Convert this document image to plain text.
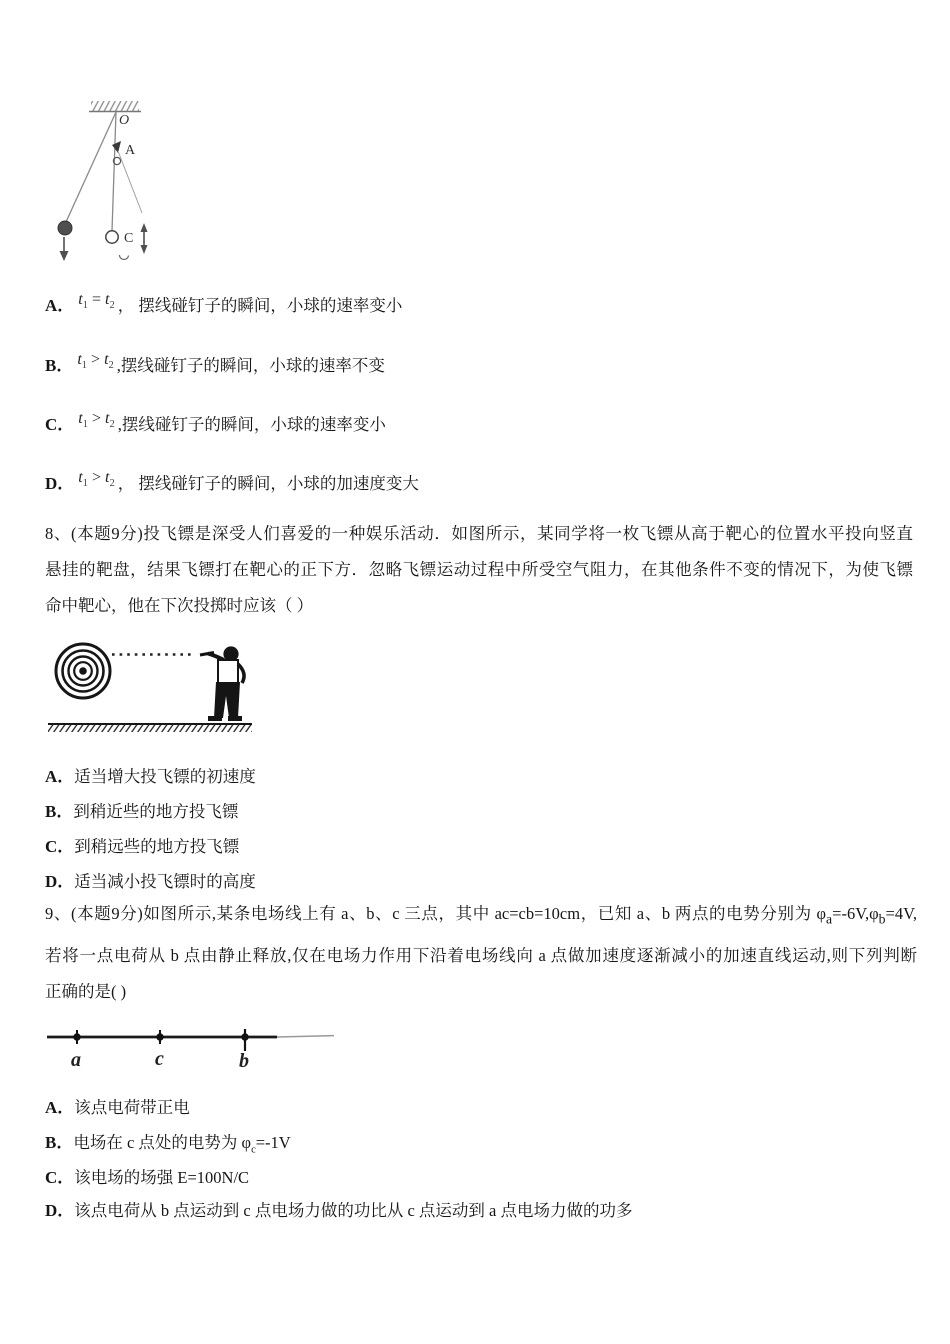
O
C
A
A． $t_1 = t_2$ ， 摆线碰钉子的瞬间，小球的速率变小
B． $t_1 > t_2$ ,摆线碰钉子的瞬间，小球的速率不变
C． $t_1 > t_2$ ,摆线碰钉子的瞬间，小球的速率变小
D． $t_1 > t_2$ ， 摆线碰钉子的瞬间，小球的加速度变大
8、(本题9分)投飞镖是深受人们喜爱的一种娱乐活动．如图所示，某同学将一枚飞镖从高于靶心的位置水平投向竖直
悬挂的靶盘，结果飞镖打在靶心的正下方．忽略飞镖运动过程中所受空气阻力，在其他条件不变的情况下，为使飞镖
命中靶心，他在下次投掷时应该（ ）
A．适当增大投飞镖的初速度
B．到稍近些的地方投飞镖
C．到稍远些的地方投飞镖
D．适当减小投飞镖时的高度
9、(本题9分)如图所示,某条电场线上有 a、b、c 三点，其中 ac=cb=10cm，已知 a、b 两点的电势分别为 $\varphi_a=-6V,\varphi_b=4V$,
若将一点电荷从 b 点由静止释放,仅在电场力作用下沿着电场线向 a 点做加速度逐渐减小的加速直线运动,则下列判断
正确的是( )
a	c	b
A．该点电荷带正电
B．电场在 c 点处的电势为 $\varphi_c=-1V$
C．该电场的场强 E=100N/C
D．该点电荷从 b 点运动到 c 点电场力做的功比从 c 点运动到 a 点电场力做的功多
